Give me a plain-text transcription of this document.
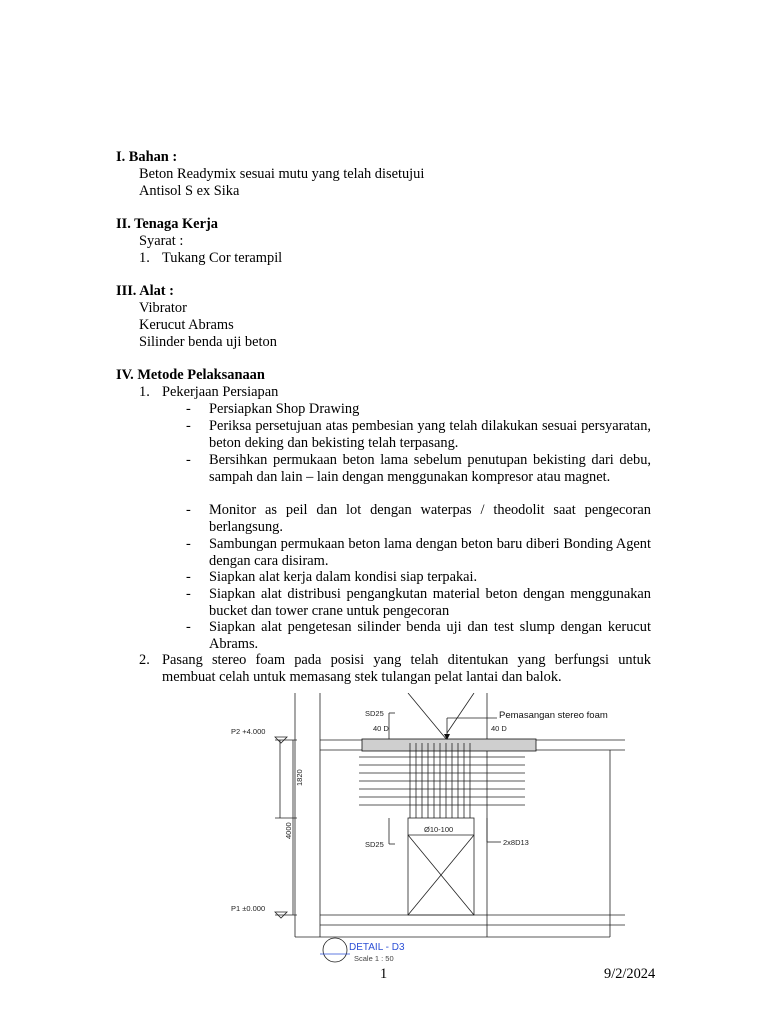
I. Bahan :
Beton Readymix sesuai mutu yang telah disetujui
Antisol S ex Sika
II. Tenaga Kerja
Syarat :
1. Tukang Cor terampil
III. Alat :
Vibrator
Kerucut Abrams
Silinder benda uji beton
IV. Metode Pelaksanaan
1. Pekerjaan Persiapan
- Persiapkan Shop Drawing

- Periksa persetujuan atas pembesian yang telah dilakukan sesuai persyaratan, beton deking dan bekisting telah terpasang.

- Bersihkan permukaan beton lama sebelum penutupan bekisting dari debu, sampah dan lain – lain dengan menggunakan kompresor atau magnet.

- Monitor as peil dan lot dengan waterpas / theodolit saat pengecoran berlangsung.

- Sambungan permukaan beton lama dengan beton baru diberi Bonding Agent dengan cara disiram.

- Siapkan alat kerja dalam kondisi siap terpakai.

- Siapkan alat distribusi pengangkutan material beton dengan menggunakan bucket dan tower crane untuk pengecoran

- Siapkan alat pengetesan silinder benda uji dan test slump dengan kerucut Abrams.

2. Pasang stereo foam pada posisi yang telah ditentukan yang berfungsi untuk membuat celah untuk memasang stek tulangan pelat lantai dan balok.

SD25
40 D	40 D
P2 +4.000
P1 ±0.000
Ø10-100
SD25	2x8D13
1820
4000
Pemasangan stereo foam
DETAIL - D3
Scale 1 : 50
1	9/2/2024
